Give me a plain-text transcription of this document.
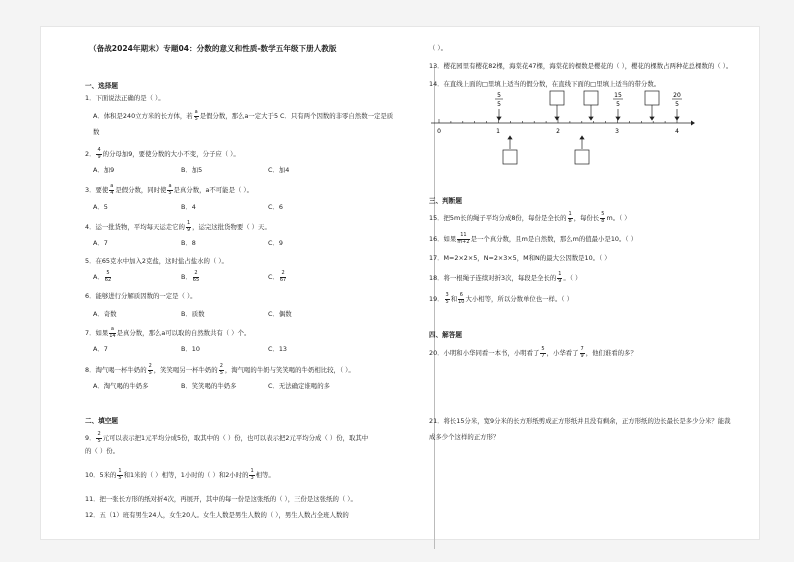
（备战2024年期末）专题04：分数的意义和性质-数学五年级下册人教版
一、选择题
1．下面说法正确的是（ ）。
A．体积是240立方米的长方体，若 $\frac{a}{5}$ 是假分数，那么a一定大于5 C．只有两个因数的非零自然数一定是质
数
2． $\frac{4}{9}$ 的分母加9，要使分数的大小不变，分子应（ ）。
A．加9	B．加5	C．加4
3．要使 $\frac{a}{4}$ 是假分数，同时使 $\frac{a}{5}$ 是真分数，a不可能是（ ）。
A．5	B．4	C．6
4．运一批货物，平均每天运走它的 $\frac{1}{9}$ ，运完这批货物要（ ）天。
A．7	B．8	C．9
5．在65克水中加入2克盐，这时盐占盐水的（ ）。
A． $\frac{5}{62}$	B． $\frac{2}{65}$	C． $\frac{2}{67}$
6．能够进行分解质因数的一定是（ ）。
A．奇数	B．质数	C．偶数
7．如果 $\frac{a}{14}$ 是真分数，那么a可以取的自然数共有（ ）个。
A．7	B．10	C．13
8．淘气喝一杯牛奶的 $\frac{2}{5}$ ，笑笑喝另一杯牛奶的 $\frac{2}{5}$ ，淘气喝的牛奶与笑笑喝的牛奶相比较，（ ）。
A．淘气喝的牛奶多	B．笑笑喝的牛奶多	C．无法确定谁喝的多
二、填空题
9． $\frac{2}{5}$ 元可以表示把1元平均分成5份，取其中的（ ）份，也可以表示把2元平均分成（ ）份，取其中
的（ ）份。
10．5米的 $\frac{1}{5}$ 和1米的（ ）相等，1小时的（ ）和2小时的 $\frac{1}{3}$ 相等。
11．把一张长方形的纸对折4次，再展开，其中的每一份是这张纸的（ ），三份是这张纸的（ ）。
12．五（1）班有男生24人，女生20人。女生人数是男生人数的（ ），男生人数占全班人数的
（ ）。
13．樱花园里有樱花82棵，海棠花47棵，海棠花的棵数是樱花的（ ），樱花的棵数占两种花总棵数的（ ）。
14．在直线上面的□里填上适当的假分数，在直线下面的□里填上适当的带分数。
5
5
15
5
20
5
0	1	2	3	4
三、判断题
15．把5m长的绳子平均分成8份，每份是全长的 $\frac{1}{8}$ ，每份长 $\frac{5}{8}$ m。（ ）
16．如果 $\frac{11}{m+2}$ 是一个真分数，且m是自然数，那么m的值最小是10。（ ）
17．M=2×2×5，N=2×3×5，M和N的最大公因数是10。（ ）
18．将一根绳子连续对折3次，每段是全长的 $\frac{1}{9}$ 。（ ）
19． $\frac{3}{5}$ 和 $\frac{6}{10}$ 大小相等，所以分数单位也一样。（ ）
四、解答题
20．小明和小华同看一本书，小明看了 $\frac{5}{7}$ ，小华看了 $\frac{7}{9}$ ，他们谁看的多？
21．将长15分米，宽9分米的长方形纸剪成正方形纸并且没有剩余，正方形纸的边长最长是多少分米？能裁
成多少个这样的正方形？
